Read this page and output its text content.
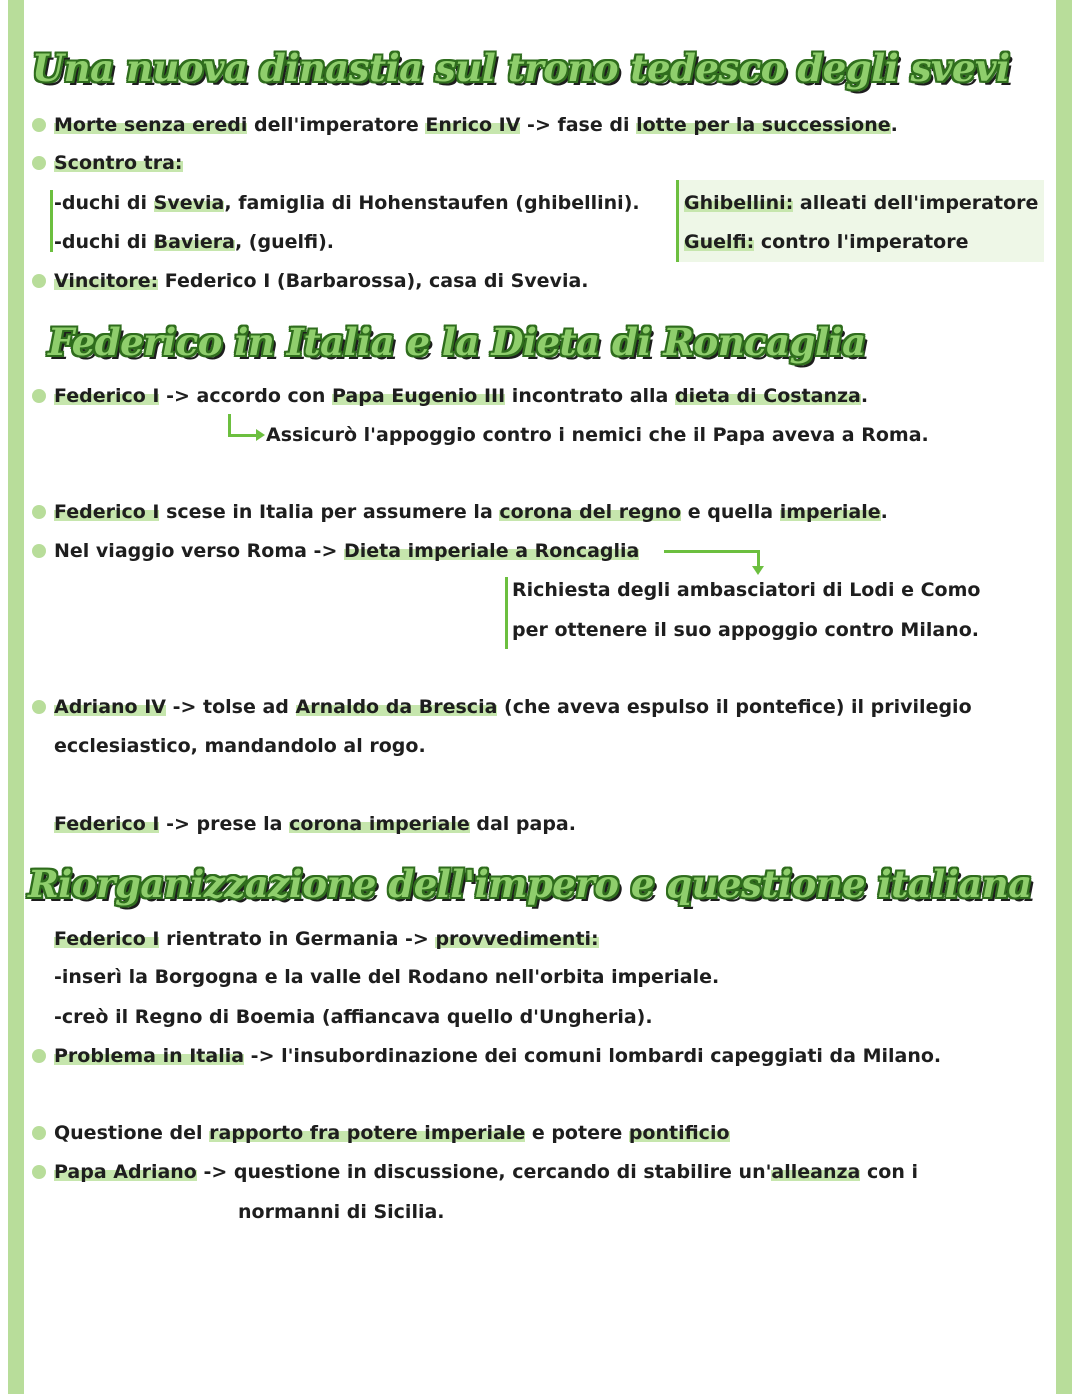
Una nuova dinastia sul trono tedesco degli svevi
Morte senza eredi dell'imperatore Enrico IV -> fase di lotte per la successione.
Scontro tra:
-duchi di Svevia, famiglia di Hohenstaufen (ghibellini).
-duchi di Baviera, (guelfi).
Ghibellini: alleati dell'imperatore
Guelfi: contro l'imperatore
Vincitore: Federico I (Barbarossa), casa di Svevia.
Federico in Italia e la Dieta di Roncaglia
Federico I -> accordo con Papa Eugenio III incontrato alla dieta di Costanza.
Assicurò l'appoggio contro i nemici che il Papa aveva a Roma.
Federico I scese in Italia per assumere la corona del regno e quella imperiale.
Nel viaggio verso Roma -> Dieta imperiale a Roncaglia
Richiesta degli ambasciatori di Lodi e Como
per ottenere il suo appoggio contro Milano.
Adriano IV -> tolse ad Arnaldo da Brescia (che aveva espulso il pontefice) il privilegio
ecclesiastico, mandandolo al rogo.
Federico I -> prese la corona imperiale dal papa.
Riorganizzazione dell'impero e questione italiana
Federico I rientrato in Germania -> provvedimenti:
-inserì la Borgogna e la valle del Rodano nell'orbita imperiale.
-creò il Regno di Boemia (affiancava quello d'Ungheria).
Problema in Italia -> l'insubordinazione dei comuni lombardi capeggiati da Milano.
Questione del rapporto fra potere imperiale e potere pontificio
Papa Adriano -> questione in discussione, cercando di stabilire un'alleanza con i
normanni di Sicilia.
